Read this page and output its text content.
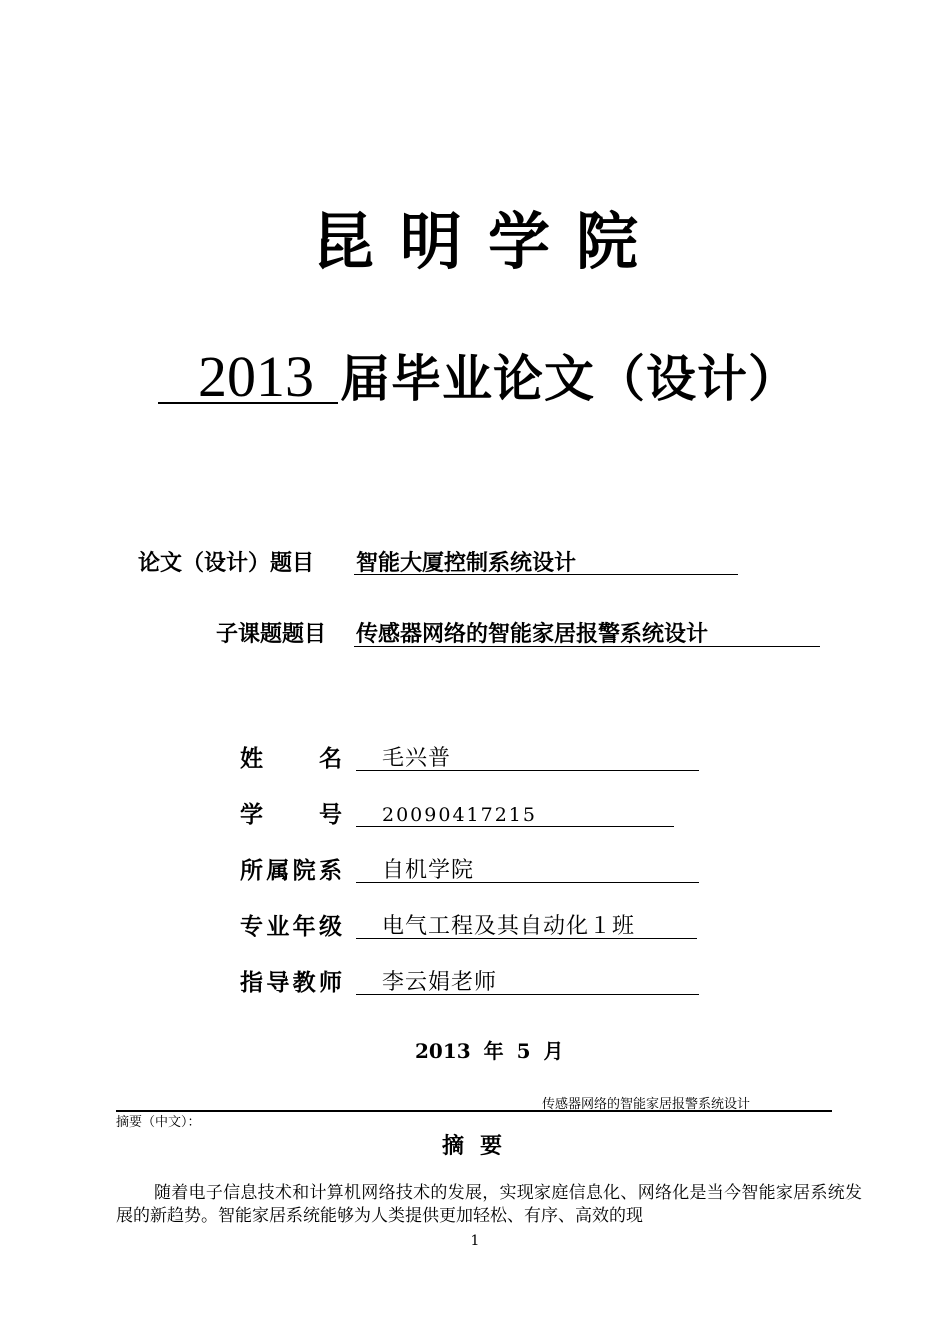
昆明学院
2013 届毕业论文（设计）
论文（设计）题目 智能大厦控制系统设计
子课题题目 传感器网络的智能家居报警系统设计
姓 名 毛兴普
学 号 20090417215
所 属 院 系 自机学院
专 业 年 级 电气工程及其自动化１班
指 导 教 师 李云娟老师
2013 年 5 月
传感器网络的智能家居报警系统设计
摘要（中文）：
摘要
随着电子信息技术和计算机网络技术的发展，实现家庭信息化、网络化是当今智能家居系统发展的新趋势。智能家居系统能够为人类提供更加轻松、有序、高效的现
1
